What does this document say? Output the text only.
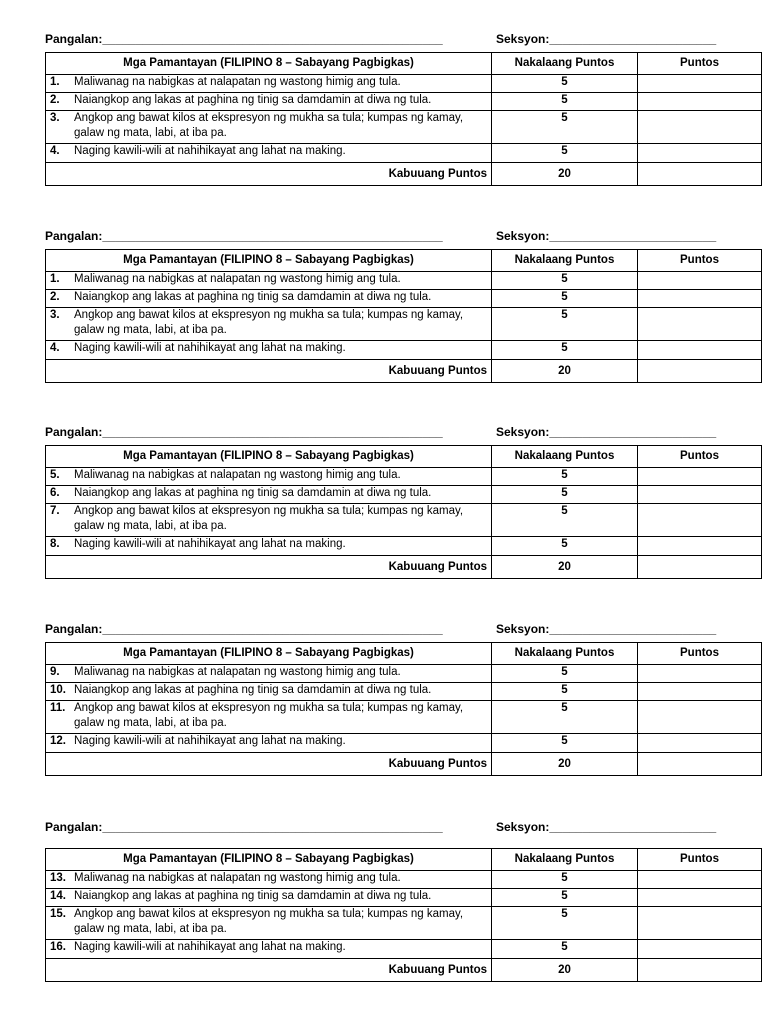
Pangalan:___________________________________________________	Seksyon:_________________________
Mga Pamantayan (FILIPINO 8 – Sabayang Pagbigkas)	Nakalaang Puntos	Puntos
1. Maliwanag na nabigkas at nalapatan ng wastong himig ang tula.	5	
2. Naiangkop ang lakas at paghina ng tinig sa damdamin at diwa ng tula.	5	
3. Angkop ang bawat kilos at ekspresyon ng mukha sa tula; kumpas ng kamay, galaw ng mata, labi, at iba pa.	5	
4. Naging kawili-wili at nahihikayat ang lahat na making.	5	
Kabuuang Puntos	20	
Pangalan:___________________________________________________	Seksyon:_________________________
Mga Pamantayan (FILIPINO 8 – Sabayang Pagbigkas)	Nakalaang Puntos	Puntos
1. Maliwanag na nabigkas at nalapatan ng wastong himig ang tula.	5	
2. Naiangkop ang lakas at paghina ng tinig sa damdamin at diwa ng tula.	5	
3. Angkop ang bawat kilos at ekspresyon ng mukha sa tula; kumpas ng kamay, galaw ng mata, labi, at iba pa.	5	
4. Naging kawili-wili at nahihikayat ang lahat na making.	5	
Kabuuang Puntos	20	
Pangalan:___________________________________________________	Seksyon:_________________________
Mga Pamantayan (FILIPINO 8 – Sabayang Pagbigkas)	Nakalaang Puntos	Puntos
5. Maliwanag na nabigkas at nalapatan ng wastong himig ang tula.	5	
6. Naiangkop ang lakas at paghina ng tinig sa damdamin at diwa ng tula.	5	
7. Angkop ang bawat kilos at ekspresyon ng mukha sa tula; kumpas ng kamay, galaw ng mata, labi, at iba pa.	5	
8. Naging kawili-wili at nahihikayat ang lahat na making.	5	
Kabuuang Puntos	20	
Pangalan:___________________________________________________	Seksyon:_________________________
Mga Pamantayan (FILIPINO 8 – Sabayang Pagbigkas)	Nakalaang Puntos	Puntos
9. Maliwanag na nabigkas at nalapatan ng wastong himig ang tula.	5	
10. Naiangkop ang lakas at paghina ng tinig sa damdamin at diwa ng tula.	5	
11. Angkop ang bawat kilos at ekspresyon ng mukha sa tula; kumpas ng kamay, galaw ng mata, labi, at iba pa.	5	
12. Naging kawili-wili at nahihikayat ang lahat na making.	5	
Kabuuang Puntos	20	
Pangalan:___________________________________________________	Seksyon:_________________________
Mga Pamantayan (FILIPINO 8 – Sabayang Pagbigkas)	Nakalaang Puntos	Puntos
13. Maliwanag na nabigkas at nalapatan ng wastong himig ang tula.	5	
14. Naiangkop ang lakas at paghina ng tinig sa damdamin at diwa ng tula.	5	
15. Angkop ang bawat kilos at ekspresyon ng mukha sa tula; kumpas ng kamay, galaw ng mata, labi, at iba pa.	5	
16. Naging kawili-wili at nahihikayat ang lahat na making.	5	
Kabuuang Puntos	20	
